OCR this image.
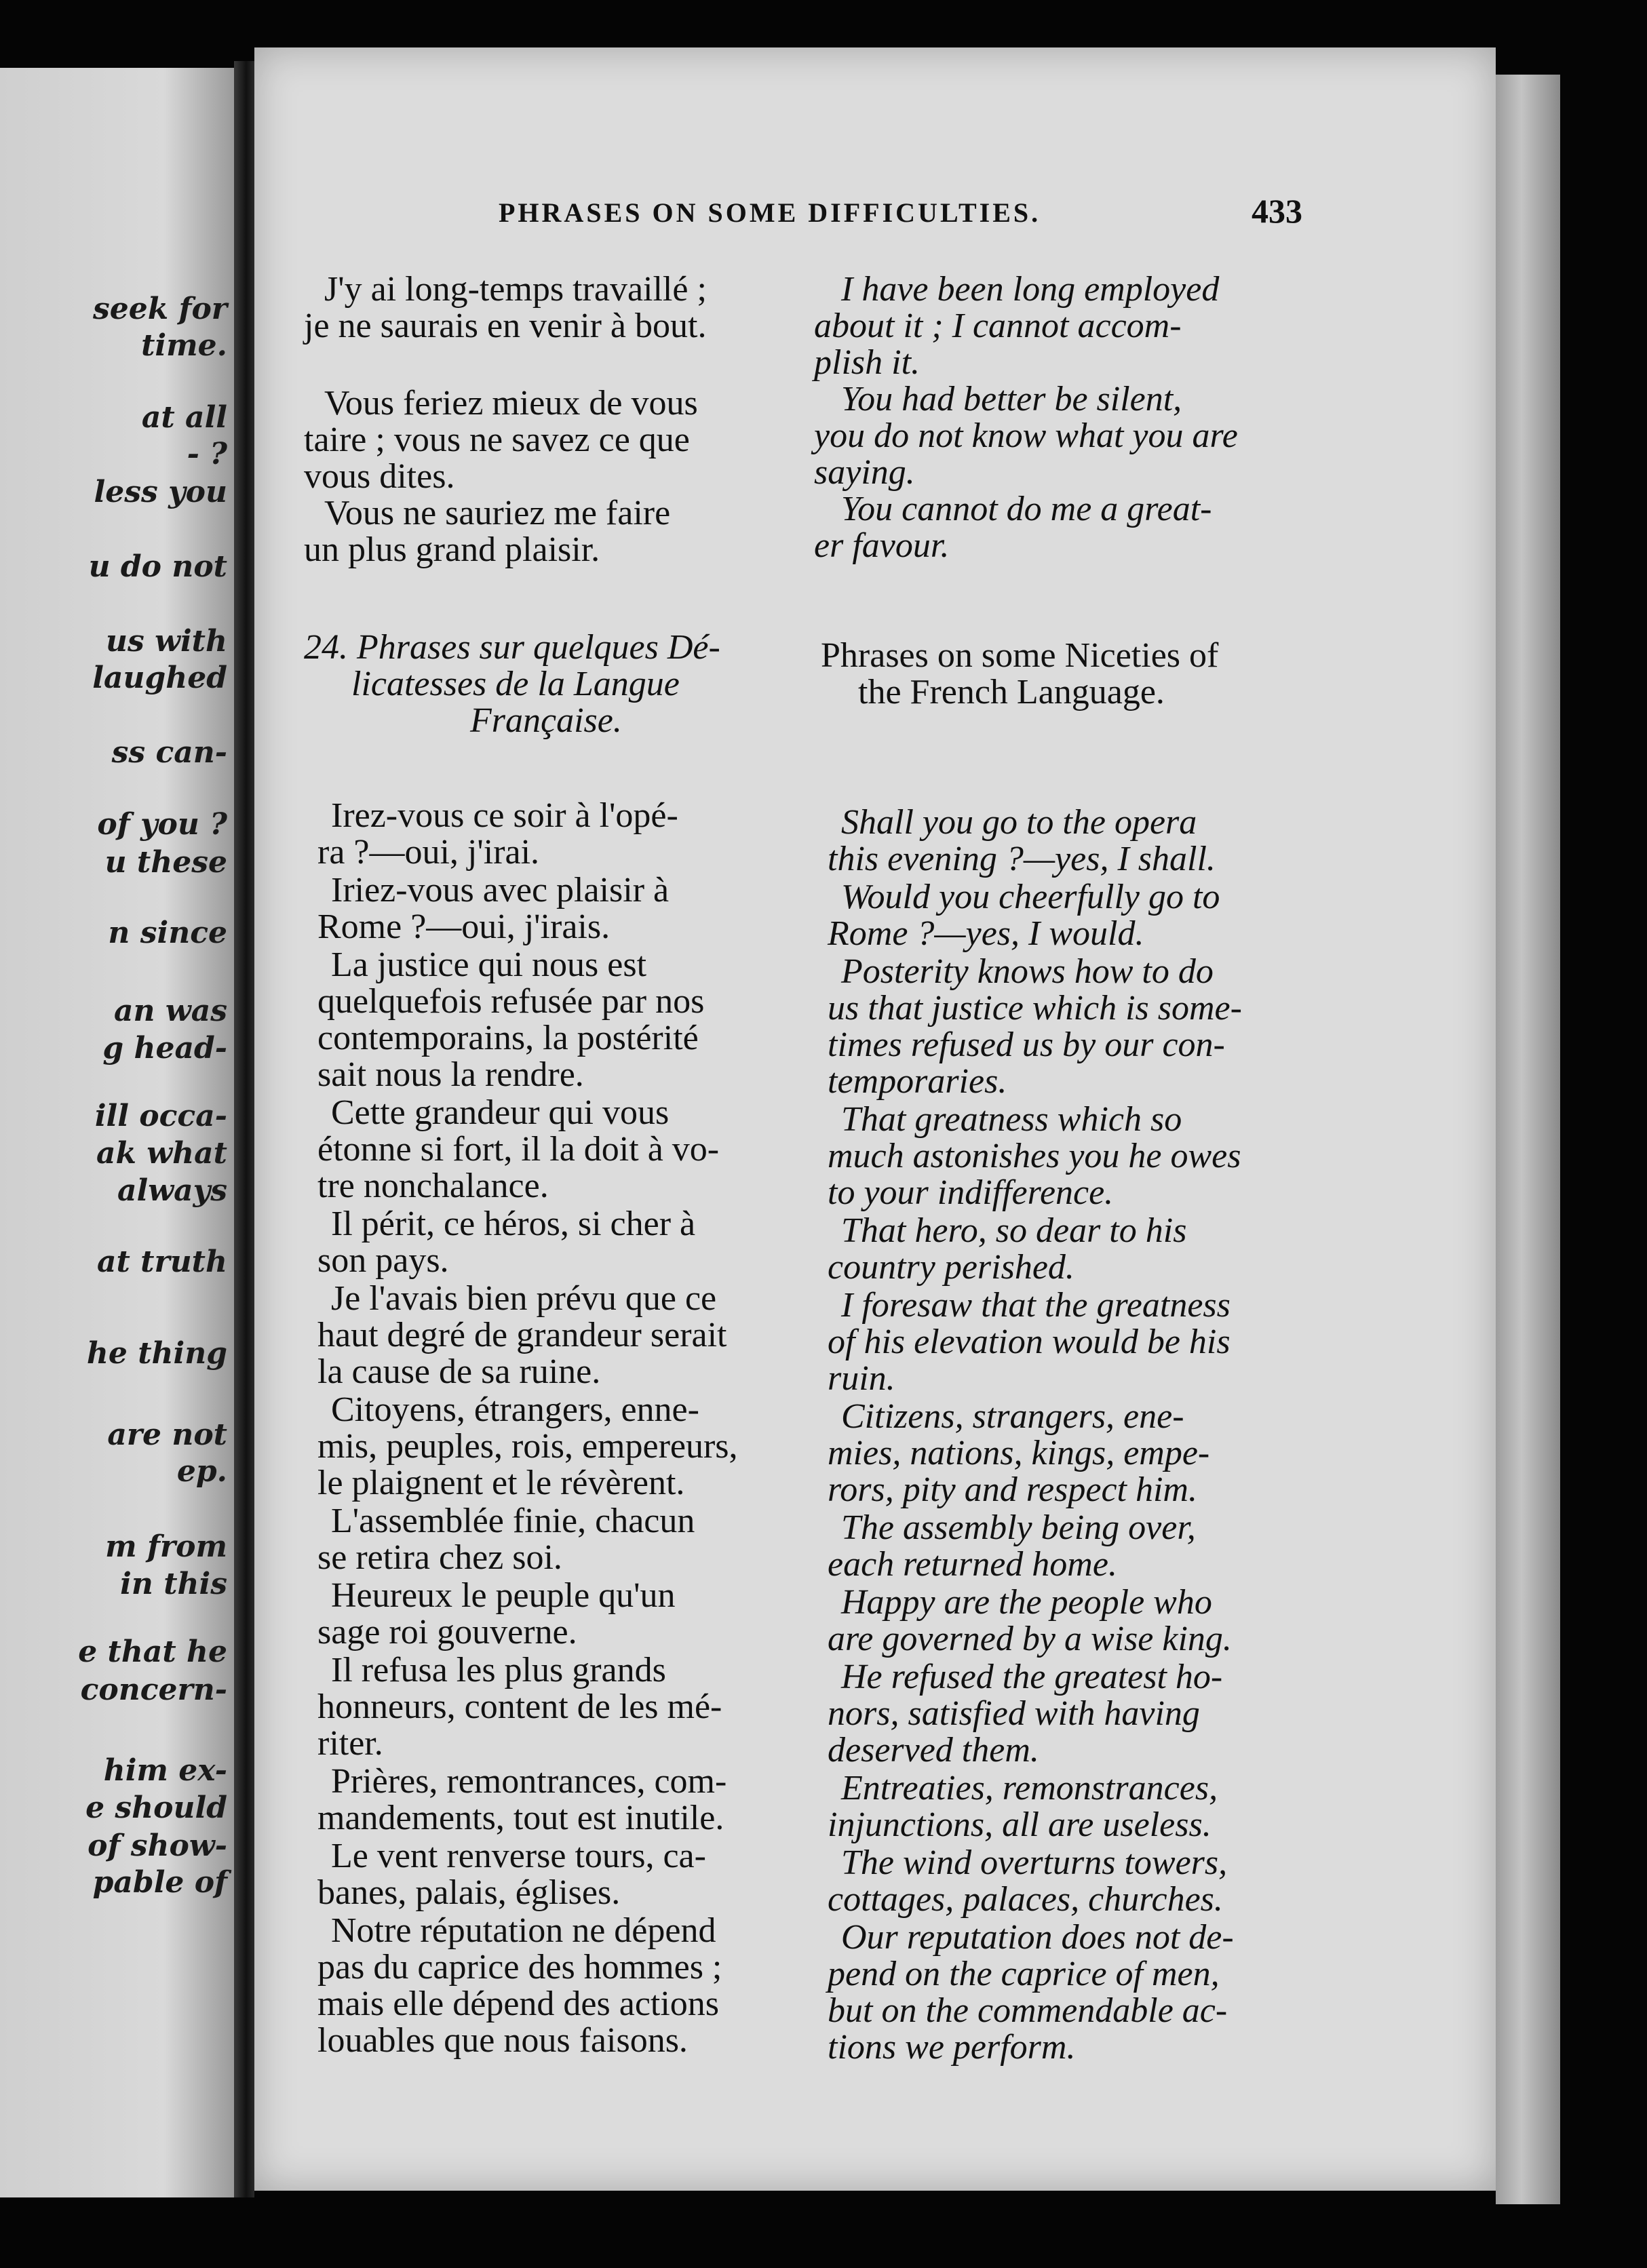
seek for
time.
at all
- ?
less you
u do not
us with
laughed
ss can-
of you ?
u these
n since
an was
g head-
ill occa-
ak what
always
at truth
he thing
are not
ep.
m from
in this
e that he
concern-
him ex-
e should
of show-
pable of
PHRASES ON SOME DIFFICULTIES.	433
J'y ai long-temps travaillé ;
je ne saurais en venir à bout.
Vous feriez mieux de vous
taire ; vous ne savez ce que
vous dites.
Vous ne sauriez me faire
un plus grand plaisir.
24. Phrases sur quelques Dé-
licatesses de la Langue
Française.
Irez-vous ce soir à l'opé-
ra ?—oui, j'irai.
Iriez-vous avec plaisir à
Rome ?—oui, j'irais.
La justice qui nous est
quelquefois refusée par nos
contemporains, la postérité
sait nous la rendre.
Cette grandeur qui vous
étonne si fort, il la doit à vo-
tre nonchalance.
Il périt, ce héros, si cher à
son pays.
Je l'avais bien prévu que ce
haut degré de grandeur serait
la cause de sa ruine.
Citoyens, étrangers, enne-
mis, peuples, rois, empereurs,
le plaignent et le révèrent.
L'assemblée finie, chacun
se retira chez soi.
Heureux le peuple qu'un
sage roi gouverne.
Il refusa les plus grands
honneurs, content de les mé-
riter.
Prières, remontrances, com-
mandements, tout est inutile.
Le vent renverse tours, ca-
banes, palais, églises.
Notre réputation ne dépend
pas du caprice des hommes ;
mais elle dépend des actions
louables que nous faisons.
I have been long employed
about it ; I cannot accom-
plish it.
You had better be silent,
you do not know what you are
saying.
You cannot do me a great-
er favour.
Phrases on some Niceties of
the French Language.
Shall you go to the opera
this evening ?—yes, I shall.
Would you cheerfully go to
Rome ?—yes, I would.
Posterity knows how to do
us that justice which is some-
times refused us by our con-
temporaries.
That greatness which so
much astonishes you he owes
to your indifference.
That hero, so dear to his
country perished.
I foresaw that the greatness
of his elevation would be his
ruin.
Citizens, strangers, ene-
mies, nations, kings, empe-
rors, pity and respect him.
The assembly being over,
each returned home.
Happy are the people who
are governed by a wise king.
He refused the greatest ho-
nors, satisfied with having
deserved them.
Entreaties, remonstrances,
injunctions, all are useless.
The wind overturns towers,
cottages, palaces, churches.
Our reputation does not de-
pend on the caprice of men,
but on the commendable ac-
tions we perform.
